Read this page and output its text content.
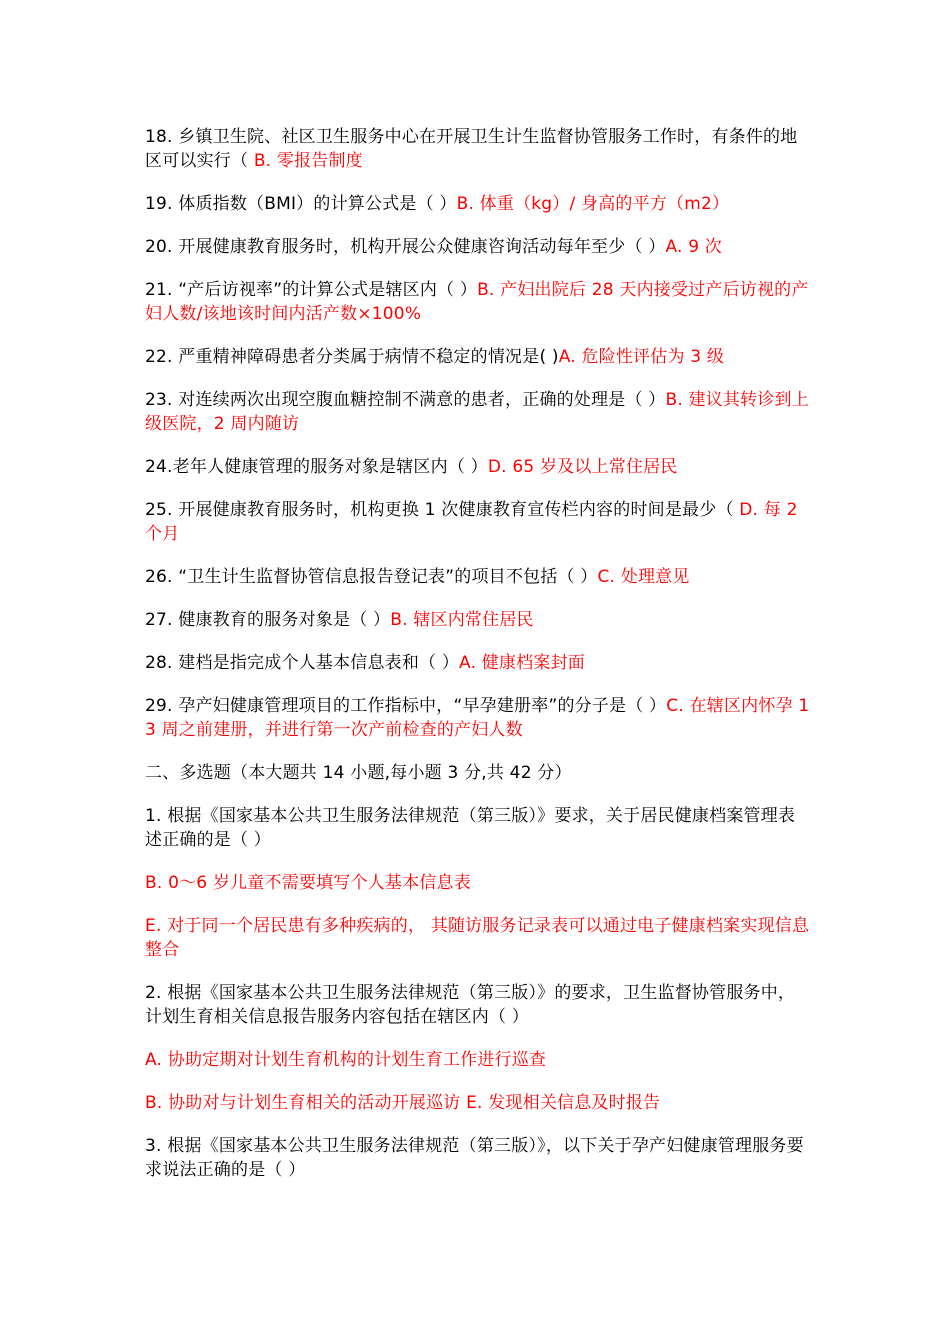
18. 乡镇卫生院、社区卫生服务中心在开展卫生计生监督协管服务工作时，有条件的地区可以实行（ B. 零报告制度

19. 体质指数（BMI）的计算公式是（ ）B. 体重（kg）/ 身高的平方（m2）

20. 开展健康教育服务时，机构开展公众健康咨询活动每年至少（ ）A. 9 次

21. “产后访视率”的计算公式是辖区内（ ）B. 产妇出院后 28 天内接受过产后访视的产妇人数/该地该时间内活产数×100%

22. 严重精神障碍患者分类属于病情不稳定的情况是( )A. 危险性评估为 3 级

23. 对连续两次出现空腹血糖控制不满意的患者，正确的处理是（ ）B. 建议其转诊到上级医院，2 周内随访

24.老年人健康管理的服务对象是辖区内（ ）D. 65 岁及以上常住居民

25. 开展健康教育服务时，机构更换 1 次健康教育宣传栏内容的时间是最少（ D. 每 2 个月

26. “卫生计生监督协管信息报告登记表”的项目不包括（ ）C. 处理意见

27. 健康教育的服务对象是（ ）B. 辖区内常住居民

28. 建档是指完成个人基本信息表和（ ）A. 健康档案封面

29. 孕产妇健康管理项目的工作指标中，“早孕建册率”的分子是（ ）C. 在辖区内怀孕 13 周之前建册，并进行第一次产前检查的产妇人数

二、多选题（本大题共 14 小题,每小题 3 分,共 42 分）

1. 根据《国家基本公共卫生服务法律规范（第三版）》要求，关于居民健康档案管理表述正确的是（ ）

B. 0～6 岁儿童不需要填写个人基本信息表

E. 对于同一个居民患有多种疾病的， 其随访服务记录表可以通过电子健康档案实现信息整合

2. 根据《国家基本公共卫生服务法律规范（第三版）》的要求，卫生监督协管服务中，计划生育相关信息报告服务内容包括在辖区内（ ）

A. 协助定期对计划生育机构的计划生育工作进行巡查

B. 协助对与计划生育相关的活动开展巡访 E. 发现相关信息及时报告

3. 根据《国家基本公共卫生服务法律规范（第三版）》，以下关于孕产妇健康管理服务要求说法正确的是（ ）
